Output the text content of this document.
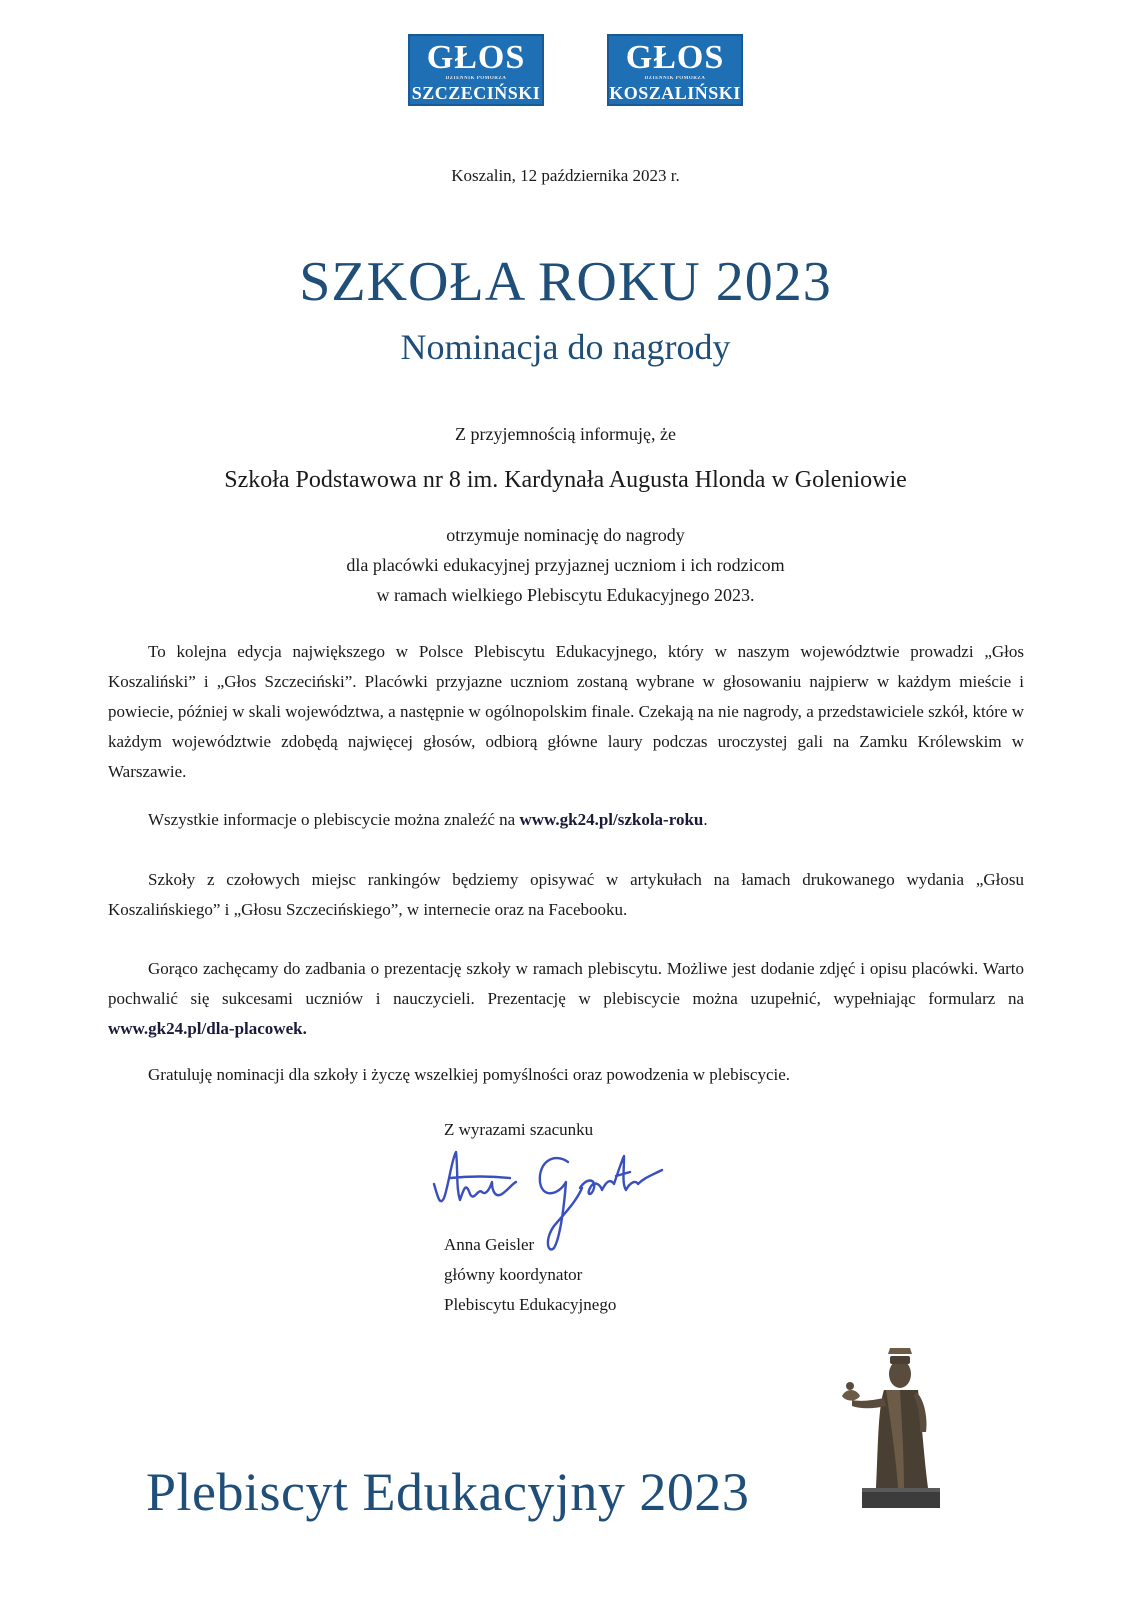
GŁOS
DZIENNIK POMORZA
SZCZECIŃSKI
GŁOS
DZIENNIK POMORZA
KOSZALIŃSKI
Koszalin, 12 października 2023 r.
SZKOŁA ROKU 2023
Nominacja do nagrody
Z przyjemnością informuję, że
Szkoła Podstawowa nr 8 im. Kardynała Augusta Hlonda w Goleniowie
otrzymuje nominację do nagrody
dla placówki edukacyjnej przyjaznej uczniom i ich rodzicom
w ramach wielkiego Plebiscytu Edukacyjnego 2023.
To kolejna edycja największego w Polsce Plebiscytu Edukacyjnego, który w naszym województwie prowadzi „Głos Koszaliński” i „Głos Szczeciński”. Placówki przyjazne uczniom zostaną wybrane w głosowaniu najpierw w każdym mieście i powiecie, później w skali województwa, a następnie w ogólnopolskim finale. Czekają na nie nagrody, a przedstawiciele szkół, które w każdym województwie zdobędą najwięcej głosów, odbiorą główne laury podczas uroczystej gali na Zamku Królewskim w Warszawie.
Wszystkie informacje o plebiscycie można znaleźć na www.gk24.pl/szkola-roku.
Szkoły z czołowych miejsc rankingów będziemy opisywać w artykułach na łamach drukowanego wydania „Głosu Koszalińskiego” i „Głosu Szczecińskiego”, w internecie oraz na Facebooku.
Gorąco zachęcamy do zadbania o prezentację szkoły w ramach plebiscytu. Możliwe jest dodanie zdjęć i opisu placówki. Warto pochwalić się sukcesami uczniów i nauczycieli. Prezentację w plebiscycie można uzupełnić, wypełniając formularz na www.gk24.pl/dla-placowek.
Gratuluję nominacji dla szkoły i życzę wszelkiej pomyślności oraz powodzenia w plebiscycie.
Z wyrazami szacunku
Anna Geisler
główny koordynator
Plebiscytu Edukacyjnego
Plebiscyt Edukacyjny 2023
